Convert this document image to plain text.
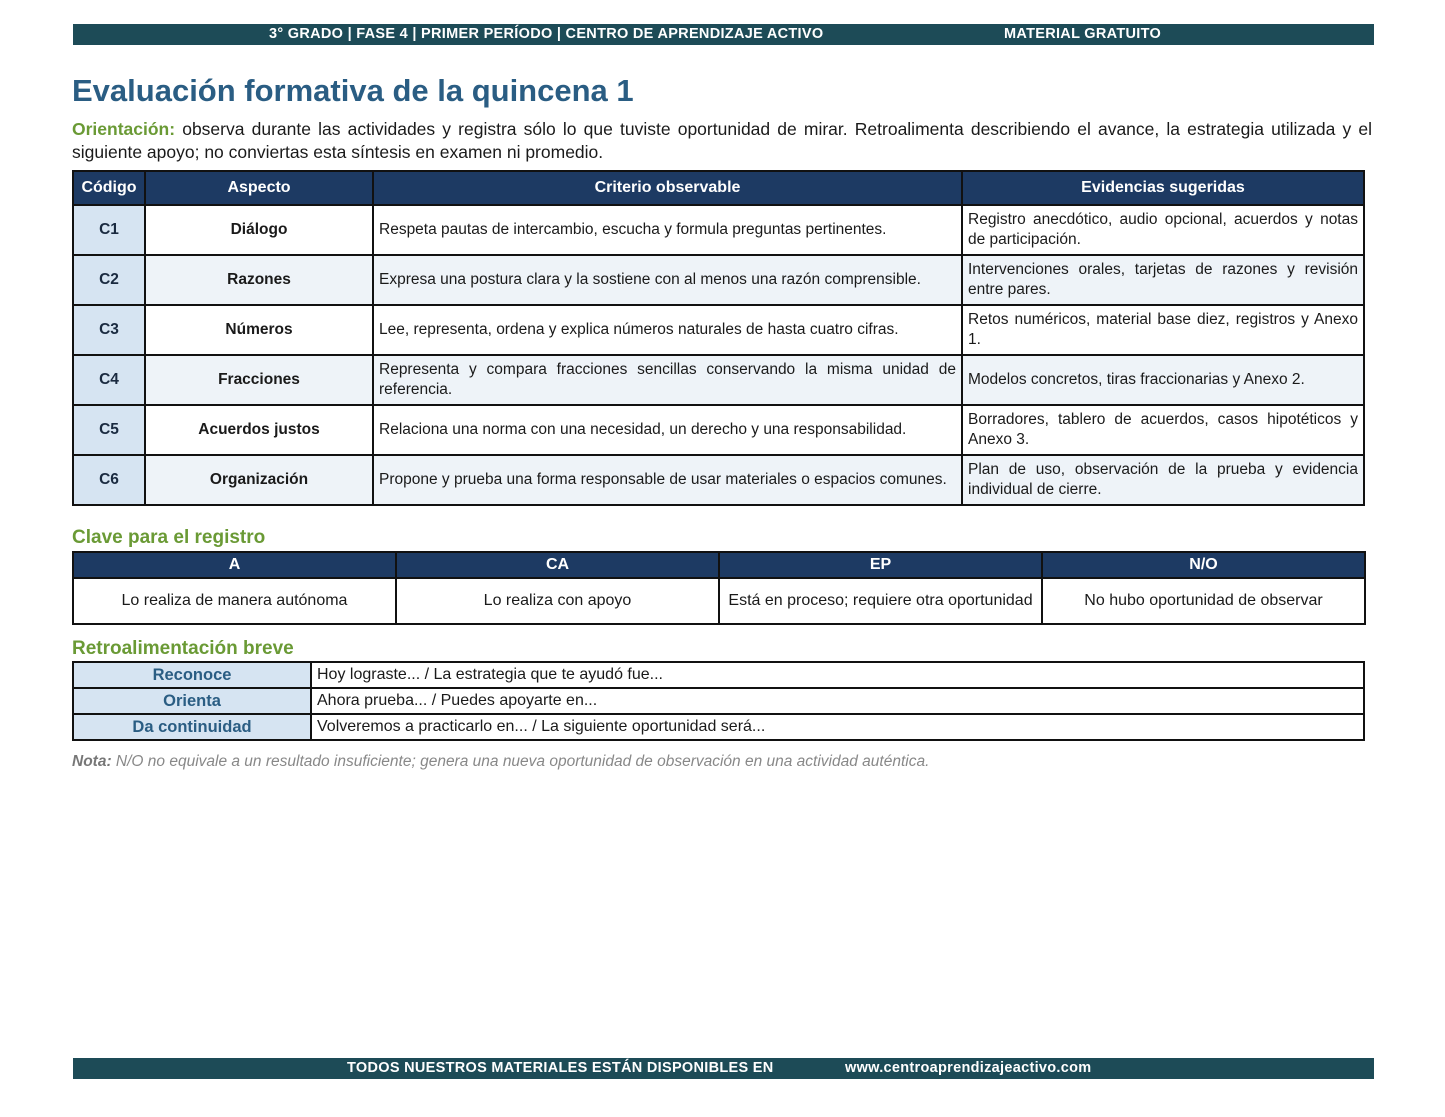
3° GRADO | FASE 4 | PRIMER PERÍODO | CENTRO DE APRENDIZAJE ACTIVO	MATERIAL GRATUITO
Evaluación formativa de la quincena 1

Orientación: observa durante las actividades y registra sólo lo que tuviste oportunidad de mirar. Retroalimenta describiendo el avance, la estrategia utilizada y el siguiente apoyo; no conviertas esta síntesis en examen ni promedio.

Código	Aspecto	Criterio observable	Evidencias sugeridas
C1	Diálogo	Respeta pautas de intercambio, escucha y formula preguntas pertinentes.	Registro anecdótico, audio opcional, acuerdos y notas de participación.
C2	Razones	Expresa una postura clara y la sostiene con al menos una razón comprensible.	Intervenciones orales, tarjetas de razones y revisión entre pares.
C3	Números	Lee, representa, ordena y explica números naturales de hasta cuatro cifras.	Retos numéricos, material base diez, registros y Anexo 1.
C4	Fracciones	Representa y compara fracciones sencillas conservando la misma unidad de referencia.	Modelos concretos, tiras fraccionarias y Anexo 2.
C5	Acuerdos justos	Relaciona una norma con una necesidad, un derecho y una responsabilidad.	Borradores, tablero de acuerdos, casos hipotéticos y Anexo 3.
C6	Organización	Propone y prueba una forma responsable de usar materiales o espacios comunes.	Plan de uso, observación de la prueba y evidencia individual de cierre.
Clave para el registro
A	CA	EP	N/O
Lo realiza de manera autónoma	Lo realiza con apoyo	Está en proceso; requiere otra oportunidad	No hubo oportunidad de observar
Retroalimentación breve
Reconoce	Hoy lograste... / La estrategia que te ayudó fue...
Orienta	Ahora prueba... / Puedes apoyarte en...
Da continuidad	Volveremos a practicarlo en... / La siguiente oportunidad será...

Nota: N/O no equivale a un resultado insuficiente; genera una nueva oportunidad de observación en una actividad auténtica.

TODOS NUESTROS MATERIALES ESTÁN DISPONIBLES EN	www.centroaprendizajeactivo.com
